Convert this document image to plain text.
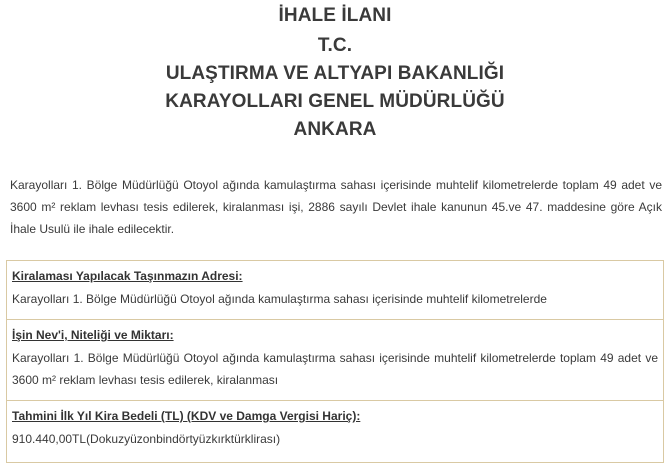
İHALE İLANI
T.C.
ULAŞTIRMA VE ALTYAPI BAKANLIĞI
KARAYOLLARI GENEL MÜDÜRLÜĞÜ
ANKARA
Karayolları 1. Bölge Müdürlüğü Otoyol ağında kamulaştırma sahası içerisinde muhtelif kilometrelerde toplam 49 adet ve 3600 m² reklam levhası tesis edilerek, kiralanması işi, 2886 sayılı Devlet ihale kanunun 45.ve 47. maddesine göre Açık İhale Usulü ile ihale edilecektir.
Kiralaması Yapılacak Taşınmazın Adresi:
Karayolları 1. Bölge Müdürlüğü Otoyol ağında kamulaştırma sahası içerisinde muhtelif kilometrelerde
İşin Nev'i, Niteliği ve Miktarı:
Karayolları 1. Bölge Müdürlüğü Otoyol ağında kamulaştırma sahası içerisinde muhtelif kilometrelerde toplam 49 adet ve 3600 m² reklam levhası tesis edilerek, kiralanması
Tahmini İlk Yıl Kira Bedeli (TL) (KDV ve Damga Vergisi Hariç):
910.440,00TL(Dokuzyüzonbindörtyüzkırktürklirası)
